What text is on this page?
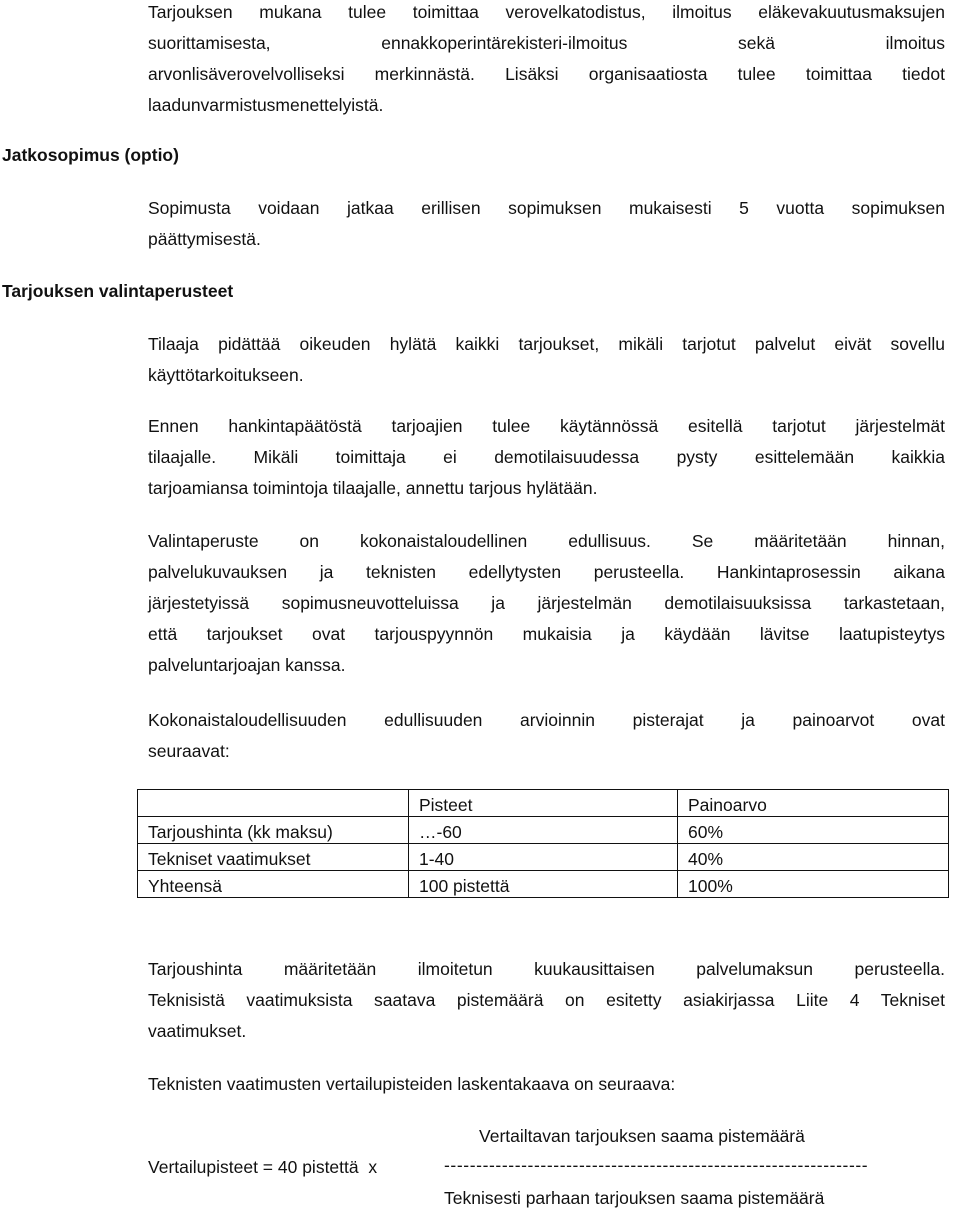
Tarjouksen mukana tulee toimittaa verovelkatodistus, ilmoitus eläkevakuutusmaksujen
suorittamisesta, ennakkoperintärekisteri-ilmoitus sekä ilmoitus
arvonlisäverovelvolliseksi merkinnästä. Lisäksi organisaatiosta tulee toimittaa tiedot
laadunvarmistusmenettelyistä.

Jatkosopimus (optio)

Sopimusta voidaan jatkaa erillisen sopimuksen mukaisesti 5 vuotta sopimuksen
päättymisestä.

Tarjouksen valintaperusteet

Tilaaja pidättää oikeuden hylätä kaikki tarjoukset, mikäli tarjotut palvelut eivät sovellu
käyttötarkoitukseen.

Ennen hankintapäätöstä tarjoajien tulee käytännössä esitellä tarjotut järjestelmät
tilaajalle. Mikäli toimittaja ei demotilaisuudessa pysty esittelemään kaikkia
tarjoamiansa toimintoja tilaajalle, annettu tarjous hylätään.

Valintaperuste on kokonaistaloudellinen edullisuus. Se määritetään hinnan,
palvelukuvauksen ja teknisten edellytysten perusteella. Hankintaprosessin aikana
järjestetyissä sopimusneuvotteluissa ja järjestelmän demotilaisuuksissa tarkastetaan,
että tarjoukset ovat tarjouspyynnön mukaisia ja käydään lävitse laatupisteytys
palveluntarjoajan kanssa.

Kokonaistaloudellisuuden edullisuuden arvioinnin pisterajat ja painoarvot ovat
seuraavat:

	Pisteet	Painoarvo
Tarjoushinta (kk maksu)	…-60	60%
Tekniset vaatimukset	1-40	40%
Yhteensä	100 pistettä	100%

Tarjoushinta määritetään ilmoitetun kuukausittaisen palvelumaksun perusteella.
Teknisistä vaatimuksista saatava pistemäärä on esitetty asiakirjassa Liite 4 Tekniset
vaatimukset.

Teknisten vaatimusten vertailupisteiden laskentakaava on seuraava:

Vertailtavan tarjouksen saama pistemäärä
Vertailupisteet = 40 pistettä  x	------------------------------------------------------------------
Teknisesti parhaan tarjouksen saama pistemäärä
